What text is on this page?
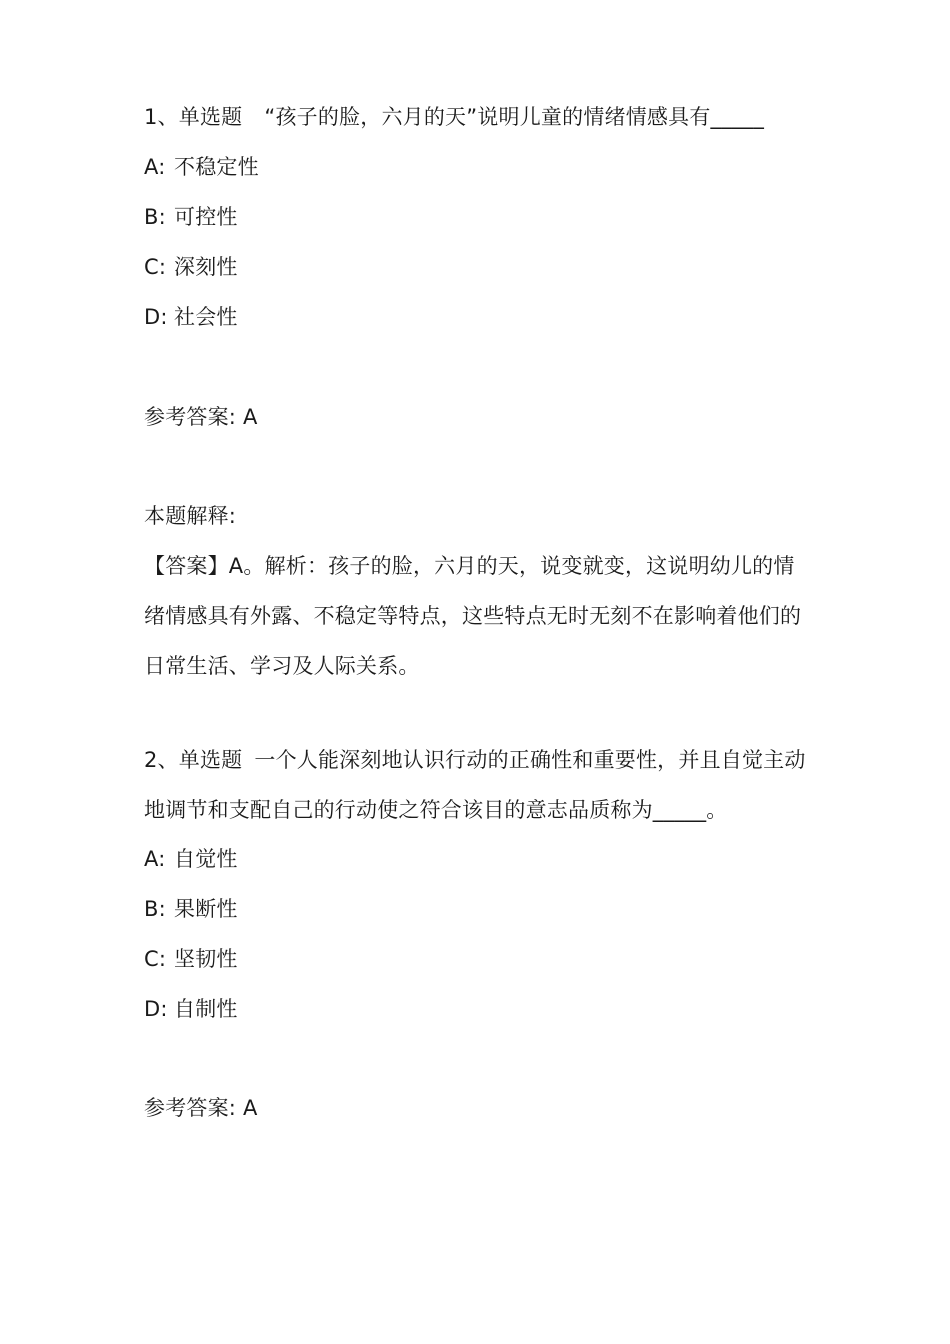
1、单选题 “孩子的脸，六月的天”说明儿童的情绪情感具有_____
A: 不稳定性
B: 可控性
C: 深刻性
D: 社会性
参考答案: A
本题解释:
【答案】A。解析：孩子的脸，六月的天，说变就变，这说明幼儿的情
绪情感具有外露、不稳定等特点，这些特点无时无刻不在影响着他们的
日常生活、学习及人际关系。
2、单选题 一个人能深刻地认识行动的正确性和重要性，并且自觉主动
地调节和支配自己的行动使之符合该目的意志品质称为_____。
A: 自觉性
B: 果断性
C: 坚韧性
D: 自制性
参考答案: A
